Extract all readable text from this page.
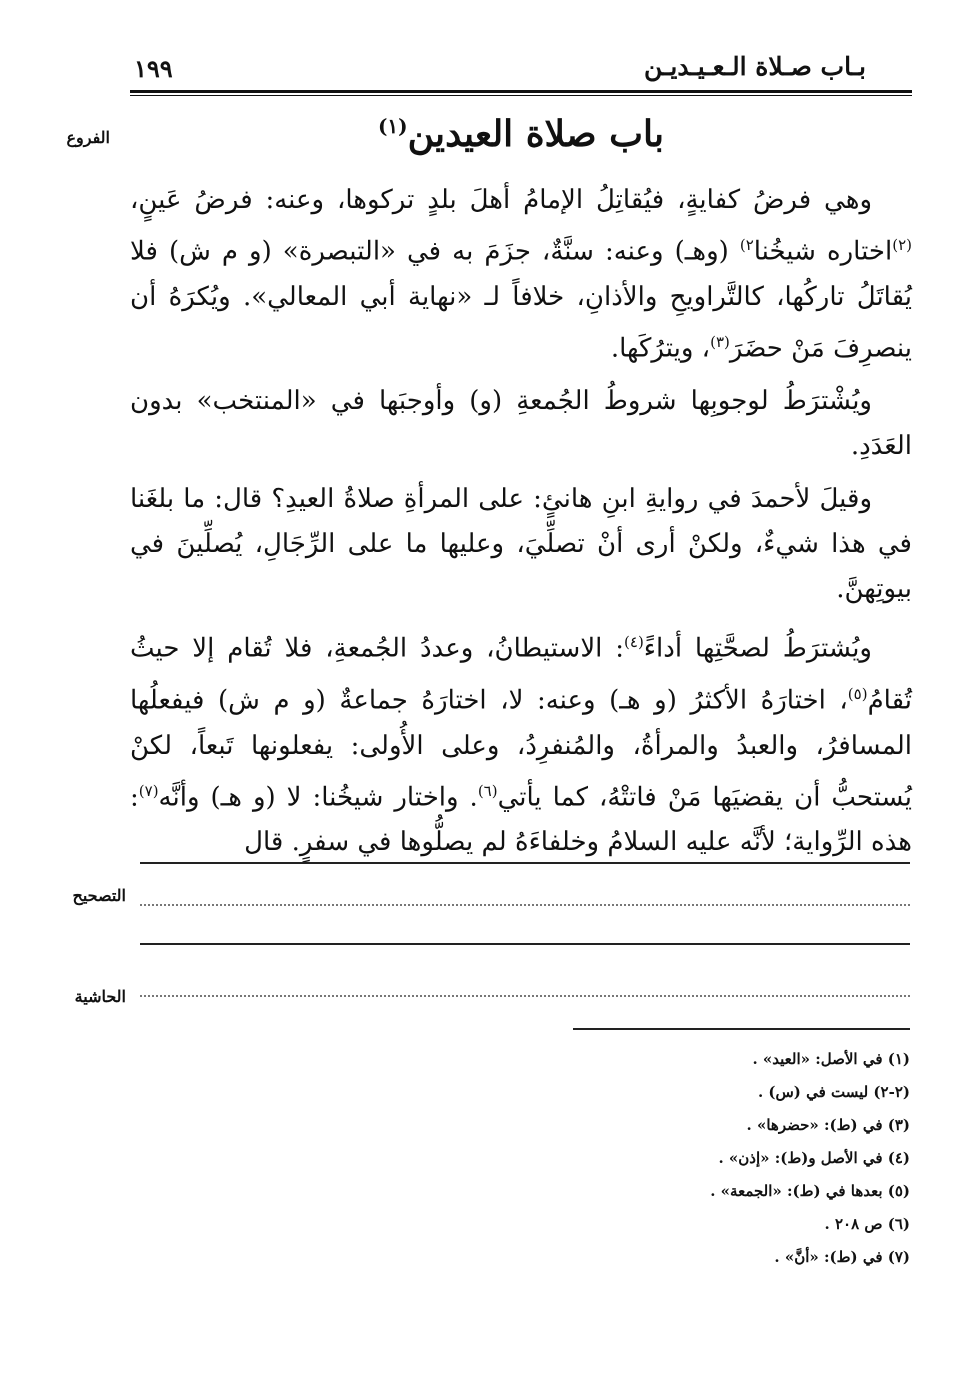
بـاب صـلاة الـعـيـديـن
١٩٩
باب صلاة العيدين$^{(١)}$
الفروع

وهي فرضُ كفايةٍ، فيُقاتِلُ الإمامُ أهلَ بلدٍ تركوها، وعنه: فرضُ عَينٍ، $^{(٢)}$اختاره شيخُنا$^{٢)}$ (وهـ) وعنه: سنَّةٌ، جزَمَ به في «التبصرة» (و م ش) فلا يُقاتَلُ تاركُها، كالتَّراويحِ والأذانِ، خلافاً لـ «نهاية أبي المعالي». ويُكرَهُ أن ينصرِفَ مَنْ حضَرَ$^{(٣)}$، ويترُكَها.

ويُشْترَطُ لوجوبِها شروطُ الجُمعةِ (و) وأوجبَها في «المنتخب» بدون العَدَدِ.

وقيلَ لأحمدَ في روايةِ ابنِ هانئٍ: على المرأةِ صلاةُ العيدِ؟ قال: ما بلغَنا في هذا شيءٌ، ولكنْ أرى أنْ تصلِّيَ، وعليها ما على الرِّجَالِ، يُصلِّينَ في بيوتِهنَّ.

ويُشترَطُ لصحَّتِها أداءً$^{(٤)}$: الاستيطانُ، وعددُ الجُمعةِ، فلا تُقام إلا حيثُ تُقامُ$^{(٥)}$، اختارَهُ الأكثرُ (و هـ) وعنه: لا، اختارَهُ جماعةٌ (و م ش) فيفعلُها المسافرُ، والعبدُ والمرأةُ، والمُنفرِدُ، وعلى الأُولى: يفعلونها تَبعاً، لكنْ يُستحبُّ أن يقضيَها مَنْ فاتتْهُ، كما يأتي$^{(٦)}$. واختار شيخُنا: لا (و هـ) وأنَّه$^{(٧)}$: هذه الرِّواية؛ لأنَّه عليه السلامُ وخلفاءَهُ لم يصلُّوها في سفرٍ. قال

التصحيح
الحاشية
(١) في الأصل: «العيد» .
(٢-٢) ليست في (س) .
(٣) في (ط): «حضرها» .
(٤) في الأصل و(ط): «إذن» .
(٥) بعدها في (ط): «الجمعة» .
(٦) ص ٢٠٨ .
(٧) في (ط): «أنَّ» .
